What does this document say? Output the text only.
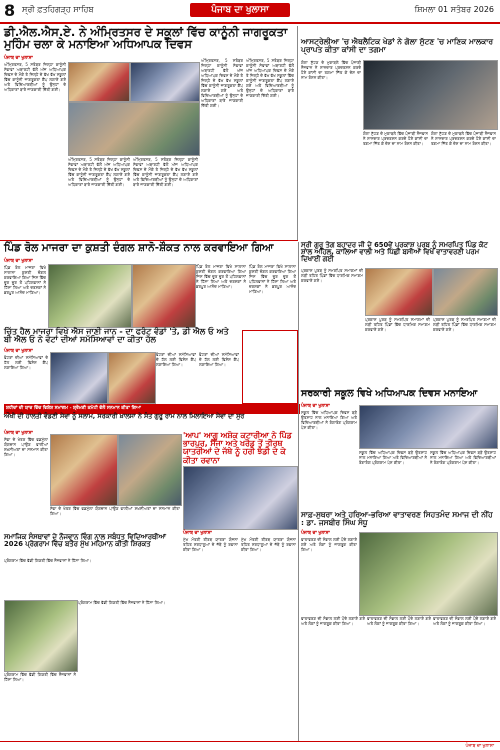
8 ਸ੍ਰੀ ਫ਼ਤਹਿਗੜ੍ਹ ਸਾਹਿਬ	ਪੰਜਾਬ ਦਾ ਖੁਲਾਸਾ	ਸ਼ਿਮਲਾ 01 ਸਤੰਬਰ 2026
ਡੀ.ਐਲ.ਐਸ.ਏ. ਨੇ ਅੰਮ੍ਰਿਤਸਰ ਦੇ ਸਕੂਲਾਂ ਵਿੱਚ ਕਾਨੂੰਨੀ ਜਾਗਰੂਕਤਾ ਮੁਹਿੰਮ ਚਲਾ ਕੇ ਮਨਾਇਆ ਅਧਿਆਪਕ ਦਿਵਸ
ਪੰਜਾਬ ਦਾ ਖੁਲਾਸਾ
ਅੰਮ੍ਰਿਤਸਰ, 5 ਸਤੰਬਰ ਜ਼ਿਲ੍ਹਾ ਕਾਨੂੰਨੀ ਸੇਵਾਵਾਂ ਅਥਾਰਟੀ ਵੱਲੋਂ ਅੱਜ ਅਧਿਆਪਕ ਦਿਵਸ ਦੇ ਮੌਕੇ ਤੇ ਜ਼ਿਲ੍ਹੇ ਦੇ ਵੱਖ ਵੱਖ ਸਕੂਲਾਂ ਵਿੱਚ ਕਾਨੂੰਨੀ ਜਾਗਰੂਕਤਾ ਕੈਂਪ ਲਗਾਏ ਗਏ ਅਤੇ ਵਿਦਿਆਰਥੀਆਂ ਨੂੰ ਉਨ੍ਹਾਂ ਦੇ ਅਧਿਕਾਰਾਂ ਬਾਰੇ ਜਾਣਕਾਰੀ ਦਿੱਤੀ ਗਈ।
ਅੰਮ੍ਰਿਤਸਰ, 5 ਸਤੰਬਰ ਜ਼ਿਲ੍ਹਾ ਕਾਨੂੰਨੀ ਸੇਵਾਵਾਂ ਅਥਾਰਟੀ ਵੱਲੋਂ ਅੱਜ ਅਧਿਆਪਕ ਦਿਵਸ ਦੇ ਮੌਕੇ ਤੇ ਜ਼ਿਲ੍ਹੇ ਦੇ ਵੱਖ ਵੱਖ ਸਕੂਲਾਂ ਵਿੱਚ ਕਾਨੂੰਨੀ ਜਾਗਰੂਕਤਾ ਕੈਂਪ ਲਗਾਏ ਗਏ ਅਤੇ ਵਿਦਿਆਰਥੀਆਂ ਨੂੰ ਉਨ੍ਹਾਂ ਦੇ ਅਧਿਕਾਰਾਂ ਬਾਰੇ ਜਾਣਕਾਰੀ ਦਿੱਤੀ ਗਈ।
ਅੰਮ੍ਰਿਤਸਰ, 5 ਸਤੰਬਰ ਜ਼ਿਲ੍ਹਾ ਕਾਨੂੰਨੀ ਸੇਵਾਵਾਂ ਅਥਾਰਟੀ ਵੱਲੋਂ ਅੱਜ ਅਧਿਆਪਕ ਦਿਵਸ ਦੇ ਮੌਕੇ ਤੇ ਜ਼ਿਲ੍ਹੇ ਦੇ ਵੱਖ ਵੱਖ ਸਕੂਲਾਂ ਵਿੱਚ ਕਾਨੂੰਨੀ ਜਾਗਰੂਕਤਾ ਕੈਂਪ ਲਗਾਏ ਗਏ ਅਤੇ ਵਿਦਿਆਰਥੀਆਂ ਨੂੰ ਉਨ੍ਹਾਂ ਦੇ ਅਧਿਕਾਰਾਂ ਬਾਰੇ ਜਾਣਕਾਰੀ ਦਿੱਤੀ ਗਈ।
ਅੰਮ੍ਰਿਤਸਰ, 5 ਸਤੰਬਰ ਜ਼ਿਲ੍ਹਾ ਕਾਨੂੰਨੀ ਸੇਵਾਵਾਂ ਅਥਾਰਟੀ ਵੱਲੋਂ ਅੱਜ ਅਧਿਆਪਕ ਦਿਵਸ ਦੇ ਮੌਕੇ ਤੇ ਜ਼ਿਲ੍ਹੇ ਦੇ ਵੱਖ ਵੱਖ ਸਕੂਲਾਂ ਵਿੱਚ ਕਾਨੂੰਨੀ ਜਾਗਰੂਕਤਾ ਕੈਂਪ ਲਗਾਏ ਗਏ ਅਤੇ ਵਿਦਿਆਰਥੀਆਂ ਨੂੰ ਉਨ੍ਹਾਂ ਦੇ ਅਧਿਕਾਰਾਂ ਬਾਰੇ ਜਾਣਕਾਰੀ ਦਿੱਤੀ ਗਈ।
ਅੰਮ੍ਰਿਤਸਰ, 5 ਸਤੰਬਰ ਜ਼ਿਲ੍ਹਾ ਕਾਨੂੰਨੀ ਸੇਵਾਵਾਂ ਅਥਾਰਟੀ ਵੱਲੋਂ ਅੱਜ ਅਧਿਆਪਕ ਦਿਵਸ ਦੇ ਮੌਕੇ ਤੇ ਜ਼ਿਲ੍ਹੇ ਦੇ ਵੱਖ ਵੱਖ ਸਕੂਲਾਂ ਵਿੱਚ ਕਾਨੂੰਨੀ ਜਾਗਰੂਕਤਾ ਕੈਂਪ ਲਗਾਏ ਗਏ ਅਤੇ ਵਿਦਿਆਰਥੀਆਂ ਨੂੰ ਉਨ੍ਹਾਂ ਦੇ ਅਧਿਕਾਰਾਂ ਬਾਰੇ ਜਾਣਕਾਰੀ ਦਿੱਤੀ ਗਈ।
ਆਸਟ੍ਰੇਲੀਆ 'ਚ ਐਥਲੈਟਿਕ ਖੇਡਾਂ ਨੇ ਗੋਲਾ ਸੁੱਟਣ 'ਚ ਮਾਣਿਕ ਮਾਲਕਾਰ ਪ੍ਰਾਪਤ ਕੀਤਾ ਕਾਂਸੀ ਦਾ ਤਗਮਾ
ਗੋਲਾ ਸੁੱਟਣ ਦੇ ਮੁਕਾਬਲੇ ਵਿੱਚ ਪੰਜਾਬੀ ਨੌਜਵਾਨ ਨੇ ਸ਼ਾਨਦਾਰ ਪ੍ਰਦਰਸ਼ਨ ਕਰਦੇ ਹੋਏ ਕਾਂਸੀ ਦਾ ਤਗਮਾ ਜਿੱਤ ਕੇ ਦੇਸ਼ ਦਾ ਨਾਮ ਰੋਸ਼ਨ ਕੀਤਾ।
ਗੋਲਾ ਸੁੱਟਣ ਦੇ ਮੁਕਾਬਲੇ ਵਿੱਚ ਪੰਜਾਬੀ ਨੌਜਵਾਨ ਨੇ ਸ਼ਾਨਦਾਰ ਪ੍ਰਦਰਸ਼ਨ ਕਰਦੇ ਹੋਏ ਕਾਂਸੀ ਦਾ ਤਗਮਾ ਜਿੱਤ ਕੇ ਦੇਸ਼ ਦਾ ਨਾਮ ਰੋਸ਼ਨ ਕੀਤਾ।
ਗੋਲਾ ਸੁੱਟਣ ਦੇ ਮੁਕਾਬਲੇ ਵਿੱਚ ਪੰਜਾਬੀ ਨੌਜਵਾਨ ਨੇ ਸ਼ਾਨਦਾਰ ਪ੍ਰਦਰਸ਼ਨ ਕਰਦੇ ਹੋਏ ਕਾਂਸੀ ਦਾ ਤਗਮਾ ਜਿੱਤ ਕੇ ਦੇਸ਼ ਦਾ ਨਾਮ ਰੋਸ਼ਨ ਕੀਤਾ।
ਸ੍ਰੀ ਗੁਰੂ ਤੇਗ ਬਹਾਦਰ ਜੀ ਦੇ 650ਵੇਂ ਪ੍ਰਕਾਸ਼ ਪੁਰਬ ਨੂੰ ਸਮਰਪਿਤ ਪਿੰਡ ਕੋਟ ਸ਼ਾਲ ਅਹਿਲ, ਕਾਲਿਆਂ ਵਾਲੀ ਅਤੇ ਪਿੱਛੀ ਬਸੀਆਂ ਵਿਖੇ ਵਾਤਾਵਰਣੀ ਪਰਮ ਦਿਖਾਈ ਗਈ
ਪਿੰਡ ਰੋਲ ਮਾਜਰਾ ਦਾ ਕੁਸ਼ਤੀ ਦੰਗਲ ਸ਼ਾਨੋ-ਸ਼ੌਕਤ ਨਾਲ ਕਰਵਾਇਆ ਗਿਆ
ਪੰਜਾਬ ਦਾ ਖੁਲਾਸਾ
ਪਿੰਡ ਰੋਲ ਮਾਜਰਾ ਵਿਖੇ ਸਾਲਾਨਾ ਕੁਸ਼ਤੀ ਦੰਗਲ ਕਰਵਾਇਆ ਗਿਆ ਜਿਸ ਵਿੱਚ ਦੂਰ ਦੂਰ ਤੋਂ ਪਹਿਲਵਾਨਾਂ ਨੇ ਹਿੱਸਾ ਲਿਆ ਅਤੇ ਦਰਸ਼ਕਾਂ ਨੇ ਭਰਪੂਰ ਆਨੰਦ ਮਾਣਿਆ।
ਪਿੰਡ ਰੋਲ ਮਾਜਰਾ ਵਿਖੇ ਸਾਲਾਨਾ ਕੁਸ਼ਤੀ ਦੰਗਲ ਕਰਵਾਇਆ ਗਿਆ ਜਿਸ ਵਿੱਚ ਦੂਰ ਦੂਰ ਤੋਂ ਪਹਿਲਵਾਨਾਂ ਨੇ ਹਿੱਸਾ ਲਿਆ ਅਤੇ ਦਰਸ਼ਕਾਂ ਨੇ ਭਰਪੂਰ ਆਨੰਦ ਮਾਣਿਆ।
ਪਿੰਡ ਰੋਲ ਮਾਜਰਾ ਵਿਖੇ ਸਾਲਾਨਾ ਕੁਸ਼ਤੀ ਦੰਗਲ ਕਰਵਾਇਆ ਗਿਆ ਜਿਸ ਵਿੱਚ ਦੂਰ ਦੂਰ ਤੋਂ ਪਹਿਲਵਾਨਾਂ ਨੇ ਹਿੱਸਾ ਲਿਆ ਅਤੇ ਦਰਸ਼ਕਾਂ ਨੇ ਭਰਪੂਰ ਆਨੰਦ ਮਾਣਿਆ।
ਚਿੱਤ ਹੈਲ ਮਾਜਰਾ ਵਿਖੇ ਐਸ ਜਾਣੀ ਜਾਨ - ਦਾ ਫਰੰਟ ਵੰਡਾਂ 'ਤੇ, ਡੀ ਐਲ ਓ ਅਤੇ ਬੀ ਐਲ ਓ ਨੇ ਵੋਟਾਂ ਦੀਆਂ ਸਮੱਸਿਆਵਾਂ ਦਾ ਕੀਤਾ ਹੱਲ
ਪੰਜਾਬ ਦਾ ਖੁਲਾਸਾ
ਵੋਟਰਾਂ ਦੀਆਂ ਸਮੱਸਿਆਵਾਂ ਦੇ ਹੱਲ ਲਈ ਵਿਸ਼ੇਸ਼ ਕੈਂਪ ਲਗਾਇਆ ਗਿਆ।
ਵੋਟਰਾਂ ਦੀਆਂ ਸਮੱਸਿਆਵਾਂ ਦੇ ਹੱਲ ਲਈ ਵਿਸ਼ੇਸ਼ ਕੈਂਪ ਲਗਾਇਆ ਗਿਆ।
ਵੋਟਰਾਂ ਦੀਆਂ ਸਮੱਸਿਆਵਾਂ ਦੇ ਹੱਲ ਲਈ ਵਿਸ਼ੇਸ਼ ਕੈਂਪ ਲਗਾਇਆ ਗਿਆ।
ਸ਼ਹੀਦਾਂ ਦੀ ਯਾਦ ਵਿੱਚ ਵਿਸ਼ੇਸ਼ ਸਮਾਗਮ - ਸ਼੍ਰੋਮਣੀ ਕਮੇਟੀ ਵੱਲੋਂ ਸਨਮਾਨ ਕੀਤਾ ਗਿਆ
ਔਖੀ ਦੀ ਹਾਲਤੀ ਵੰਡਣੀ ਸੇਵਾ ਨੂੰ ਸਲਾਮ, ਸਰਕਾਰੀ ਖ਼ਾਲਸਾ ਨੇ ਸੰਤ ਗੁਰੂ ਰਾਮ ਨਾਲ ਮਿਲਾਇਆ ਸੇਵਾ ਦਾ ਸੁਰ
ਪੰਜਾਬ ਦਾ ਖੁਲਾਸਾ
ਸੇਵਾ ਦੇ ਖੇਤਰ ਵਿੱਚ ਵਡਮੁੱਲਾ ਯੋਗਦਾਨ ਪਾਉਣ ਵਾਲੀਆਂ ਸ਼ਖ਼ਸੀਅਤਾਂ ਦਾ ਸਨਮਾਨ ਕੀਤਾ ਗਿਆ।
ਸੇਵਾ ਦੇ ਖੇਤਰ ਵਿੱਚ ਵਡਮੁੱਲਾ ਯੋਗਦਾਨ ਪਾਉਣ ਵਾਲੀਆਂ ਸ਼ਖ਼ਸੀਅਤਾਂ ਦਾ ਸਨਮਾਨ ਕੀਤਾ ਗਿਆ।
'ਆਪ' ਆਗੂ ਅਸ਼ੋਕ ਕਟਾਰੀਆ ਨੇ ਪਿੰਡ ਭਾਰਪੁਰ, ਸੈਜਾ ਅਤੇ ਖਰੌਡ ਤੋਂ ਤੀਰਥ ਯਾਤਰੀਆਂ ਦੇ ਜੱਥੇ ਨੂੰ ਹਰੀ ਝੰਡੀ ਦੇ ਕੇ ਕੀਤਾ ਰਵਾਨਾ
ਪੰਜਾਬ ਦਾ ਖੁਲਾਸਾ
ਮੁੱਖ ਮੰਤਰੀ ਤੀਰਥ ਯਾਤਰਾ ਯੋਜਨਾ ਤਹਿਤ ਸ਼ਰਧਾਲੂਆਂ ਦੇ ਜੱਥੇ ਨੂੰ ਰਵਾਨਾ ਕੀਤਾ ਗਿਆ।
ਮੁੱਖ ਮੰਤਰੀ ਤੀਰਥ ਯਾਤਰਾ ਯੋਜਨਾ ਤਹਿਤ ਸ਼ਰਧਾਲੂਆਂ ਦੇ ਜੱਥੇ ਨੂੰ ਰਵਾਨਾ ਕੀਤਾ ਗਿਆ।
ਸਮਾਜਿਕ ਸੰਸਥਾਵਾਂ ਦੇ ਨੌਜਵਾਨ ਵਿੰਗ ਨਾਲ ਸਬੰਧਤ ਵਿਦਿਆਰਥੀਆਂ 2026 ਪ੍ਰੋਗਰਾਮ ਵਿੱਚ ਬਤੌਰ ਮੁੱਖ ਮਹਿਮਾਨ ਕੀਤੀ ਸ਼ਿਰਕਤ
ਪ੍ਰੋਗਰਾਮ ਵਿੱਚ ਵੱਡੀ ਗਿਣਤੀ ਵਿੱਚ ਨੌਜਵਾਨਾਂ ਨੇ ਹਿੱਸਾ ਲਿਆ।
ਪ੍ਰੋਗਰਾਮ ਵਿੱਚ ਵੱਡੀ ਗਿਣਤੀ ਵਿੱਚ ਨੌਜਵਾਨਾਂ ਨੇ ਹਿੱਸਾ ਲਿਆ।
ਪ੍ਰੋਗਰਾਮ ਵਿੱਚ ਵੱਡੀ ਗਿਣਤੀ ਵਿੱਚ ਨੌਜਵਾਨਾਂ ਨੇ ਹਿੱਸਾ ਲਿਆ।
ਪ੍ਰਕਾਸ਼ ਪੁਰਬ ਨੂੰ ਸਮਰਪਿਤ ਸਮਾਗਮਾਂ ਦੀ ਲੜੀ ਤਹਿਤ ਪਿੰਡਾਂ ਵਿੱਚ ਧਾਰਮਿਕ ਸਮਾਗਮ ਕਰਵਾਏ ਗਏ।
ਪ੍ਰਕਾਸ਼ ਪੁਰਬ ਨੂੰ ਸਮਰਪਿਤ ਸਮਾਗਮਾਂ ਦੀ ਲੜੀ ਤਹਿਤ ਪਿੰਡਾਂ ਵਿੱਚ ਧਾਰਮਿਕ ਸਮਾਗਮ ਕਰਵਾਏ ਗਏ।
ਪ੍ਰਕਾਸ਼ ਪੁਰਬ ਨੂੰ ਸਮਰਪਿਤ ਸਮਾਗਮਾਂ ਦੀ ਲੜੀ ਤਹਿਤ ਪਿੰਡਾਂ ਵਿੱਚ ਧਾਰਮਿਕ ਸਮਾਗਮ ਕਰਵਾਏ ਗਏ।
ਸਰਕਾਰੀ ਸਕੂਲ ਵਿਖੇ ਅਧਿਆਪਕ ਦਿਵਸ ਮਨਾਇਆ
ਪੰਜਾਬ ਦਾ ਖੁਲਾਸਾ
ਸਕੂਲ ਵਿੱਚ ਅਧਿਆਪਕ ਦਿਵਸ ਬੜੇ ਉਤਸ਼ਾਹ ਨਾਲ ਮਨਾਇਆ ਗਿਆ ਅਤੇ ਵਿਦਿਆਰਥੀਆਂ ਨੇ ਰੰਗਾਰੰਗ ਪ੍ਰੋਗਰਾਮ ਪੇਸ਼ ਕੀਤਾ।
ਸਕੂਲ ਵਿੱਚ ਅਧਿਆਪਕ ਦਿਵਸ ਬੜੇ ਉਤਸ਼ਾਹ ਨਾਲ ਮਨਾਇਆ ਗਿਆ ਅਤੇ ਵਿਦਿਆਰਥੀਆਂ ਨੇ ਰੰਗਾਰੰਗ ਪ੍ਰੋਗਰਾਮ ਪੇਸ਼ ਕੀਤਾ।
ਸਕੂਲ ਵਿੱਚ ਅਧਿਆਪਕ ਦਿਵਸ ਬੜੇ ਉਤਸ਼ਾਹ ਨਾਲ ਮਨਾਇਆ ਗਿਆ ਅਤੇ ਵਿਦਿਆਰਥੀਆਂ ਨੇ ਰੰਗਾਰੰਗ ਪ੍ਰੋਗਰਾਮ ਪੇਸ਼ ਕੀਤਾ।
ਸਾਫ਼-ਸੁਥਰਾ ਅਤੇ ਹਰਿਆ-ਭਰਿਆ ਵਾਤਾਵਰਣ ਸਿਹਤਮੰਦ ਸਮਾਜ ਦੀ ਨੀਂਹ : ਡਾ. ਜਸਬੀਰ ਸਿੰਘ ਸੰਧੂ
ਪੰਜਾਬ ਦਾ ਖੁਲਾਸਾ
ਵਾਤਾਵਰਣ ਦੀ ਸੰਭਾਲ ਲਈ ਪੌਦੇ ਲਗਾਏ ਗਏ ਅਤੇ ਲੋਕਾਂ ਨੂੰ ਜਾਗਰੂਕ ਕੀਤਾ ਗਿਆ।
ਵਾਤਾਵਰਣ ਦੀ ਸੰਭਾਲ ਲਈ ਪੌਦੇ ਲਗਾਏ ਗਏ ਅਤੇ ਲੋਕਾਂ ਨੂੰ ਜਾਗਰੂਕ ਕੀਤਾ ਗਿਆ।
ਵਾਤਾਵਰਣ ਦੀ ਸੰਭਾਲ ਲਈ ਪੌਦੇ ਲਗਾਏ ਗਏ ਅਤੇ ਲੋਕਾਂ ਨੂੰ ਜਾਗਰੂਕ ਕੀਤਾ ਗਿਆ।
ਵਾਤਾਵਰਣ ਦੀ ਸੰਭਾਲ ਲਈ ਪੌਦੇ ਲਗਾਏ ਗਏ ਅਤੇ ਲੋਕਾਂ ਨੂੰ ਜਾਗਰੂਕ ਕੀਤਾ ਗਿਆ।
ਪੰਜਾਬ ਦਾ ਖੁਲਾਸਾ
